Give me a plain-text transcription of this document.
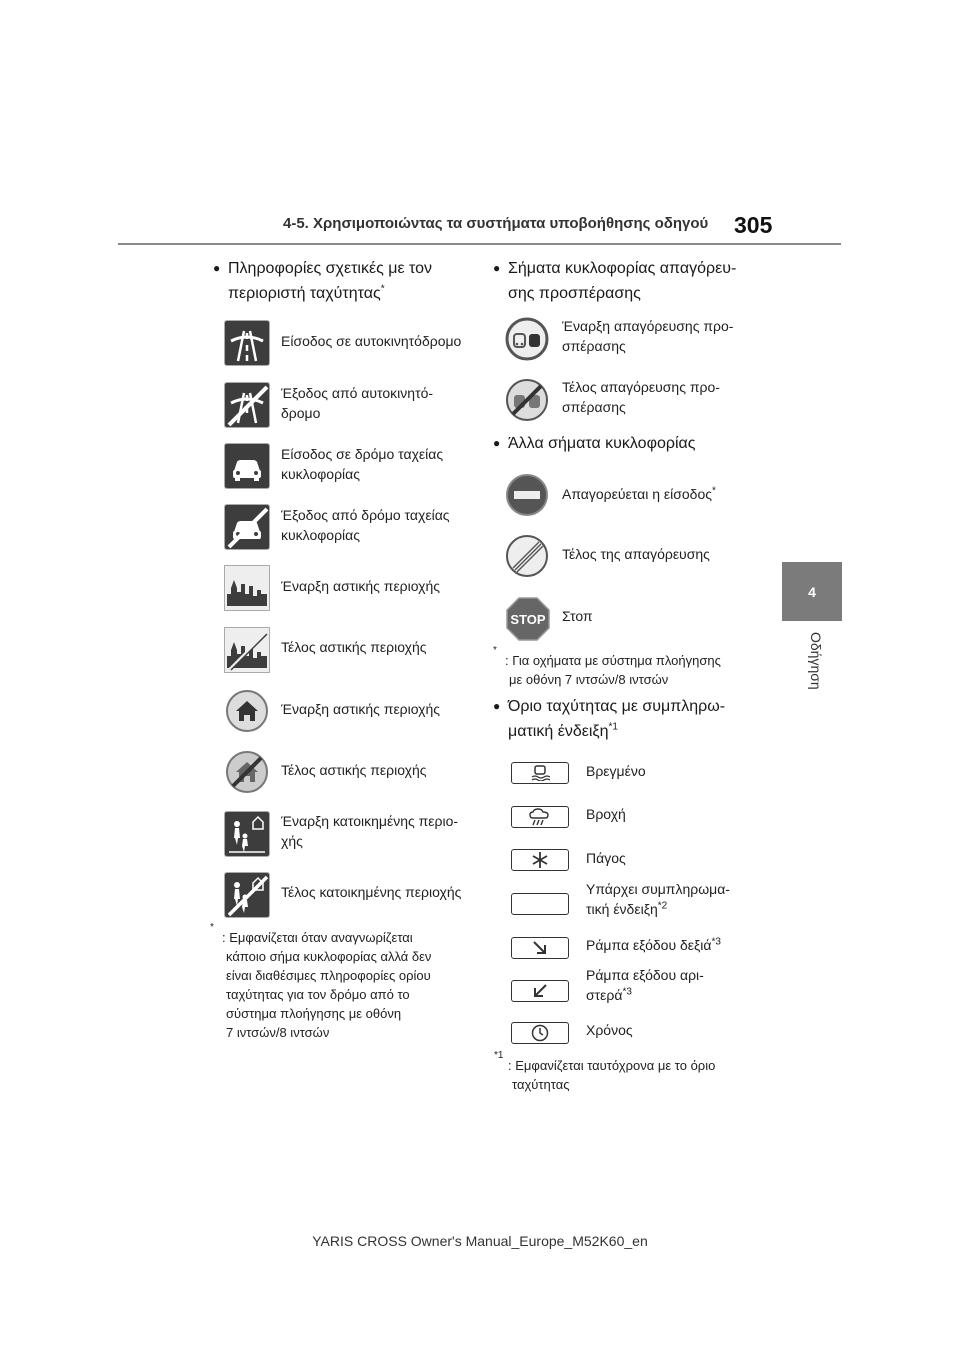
4-5. Χρησιμοποιώντας τα συστήματα υποβοήθησης οδηγού 305
4
Οδήγηση
● Πληροφορίες σχετικές με τον
περιοριστή ταχύτητας*
Είσοδος σε αυτοκινητόδρομο
Έξοδος από αυτοκινητό-
δρομο
Είσοδος σε δρόμο ταχείας
κυκλοφορίας
Έξοδος από δρόμο ταχείας
κυκλοφορίας
Έναρξη αστικής περιοχής
Τέλος αστικής περιοχής
Έναρξη αστικής περιοχής
Τέλος αστικής περιοχής
Έναρξη κατοικημένης περιο-
χής
Τέλος κατοικημένης περιοχής
*
: Εμφανίζεται όταν αναγνωρίζεται
κάποιο σήμα κυκλοφορίας αλλά δεν
είναι διαθέσιμες πληροφορίες ορίου
ταχύτητας για τον δρόμο από το
σύστημα πλοήγησης με οθόνη
7 ιντσών/8 ιντσών
● Σήματα κυκλοφορίας απαγόρευ-
σης προσπέρασης
Έναρξη απαγόρευσης προ-
σπέρασης
Τέλος απαγόρευσης προ-
σπέρασης
● Άλλα σήματα κυκλοφορίας
STOP
Απαγορεύεται η είσοδος*
Τέλος της απαγόρευσης
Στοπ
*
: Για οχήματα με σύστημα πλοήγησης
με οθόνη 7 ιντσών/8 ιντσών
● Όριο ταχύτητας με συμπληρω-
ματική ένδειξη$^{*1}$
Βρεγμένο
Βροχή
Πάγος
Υπάρχει συμπληρωμα-
τική ένδειξη$^{*2}$
Ράμπα εξόδου δεξιά$^{*3}$
Ράμπα εξόδου αρι-
στερά$^{*3}$
Χρόνος
*1
: Εμφανίζεται ταυτόχρονα με το όριο
ταχύτητας
YARIS CROSS Owner's Manual_Europe_M52K60_en
